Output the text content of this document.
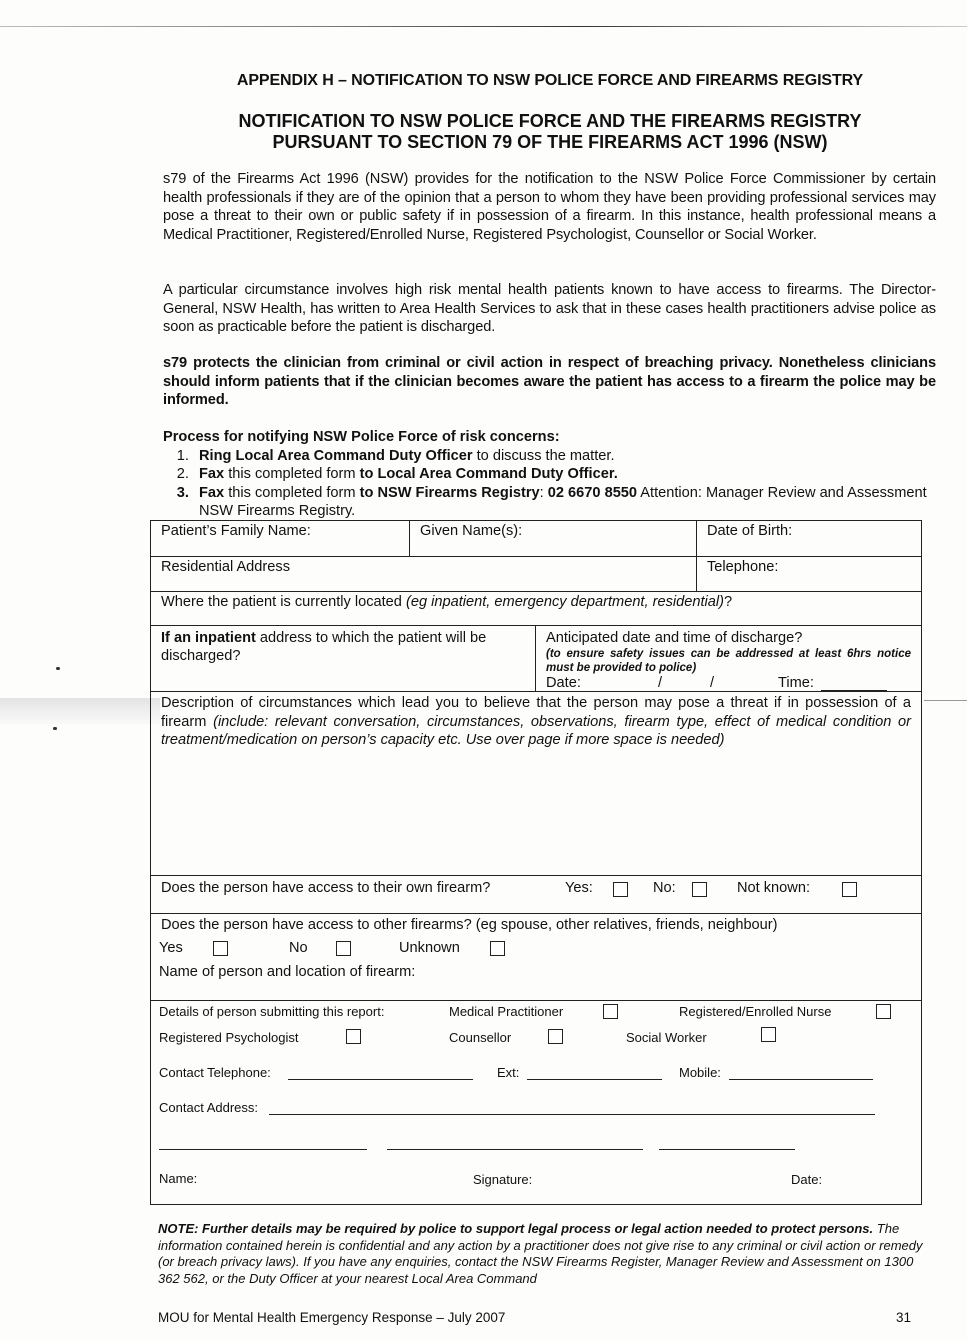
APPENDIX H – NOTIFICATION TO NSW POLICE FORCE AND FIREARMS REGISTRY
NOTIFICATION TO NSW POLICE FORCE AND THE FIREARMS REGISTRY
PURSUANT TO SECTION 79 OF THE FIREARMS ACT 1996 (NSW)
s79 of the Firearms Act 1996 (NSW) provides for the notification to the NSW Police Force Commissioner by certain health professionals if they are of the opinion that a person to whom they have been providing professional services may pose a threat to their own or public safety if in possession of a firearm. In this instance, health professional means a Medical Practitioner, Registered/Enrolled Nurse, Registered Psychologist, Counsellor or Social Worker.
A particular circumstance involves high risk mental health patients known to have access to firearms. The Director-General, NSW Health, has written to Area Health Services to ask that in these cases health practitioners advise police as soon as practicable before the patient is discharged.
s79 protects the clinician from criminal or civil action in respect of breaching privacy. Nonetheless clinicians should inform patients that if the clinician becomes aware the patient has access to a firearm the police may be informed.
Process for notifying NSW Police Force of risk concerns:
1. Ring Local Area Command Duty Officer to discuss the matter.
2. Fax this completed form to Local Area Command Duty Officer.
3. Fax this completed form to NSW Firearms Registry: 02 6670 8550 Attention: Manager Review and Assessment NSW Firearms Registry.
Patient’s Family Name:	Given Name(s):	Date of Birth:
Residential Address	Telephone:
Where the patient is currently located (eg inpatient, emergency department, residential)?
If an inpatient address to which the patient will be discharged?
Anticipated date and time of discharge?
(to ensure safety issues can be addressed at least 6hrs notice must be provided to police)
Date:	/	/	Time:
Description of circumstances which lead you to believe that the person may pose a threat if in possession of a firearm (include: relevant conversation, circumstances, observations, firearm type, effect of medical condition or treatment/medication on person’s capacity etc. Use over page if more space is needed)
Does the person have access to their own firearm?	Yes:	No:	Not known:
Does the person have access to other firearms? (eg spouse, other relatives, friends, neighbour)
Yes	No	Unknown
Name of person and location of firearm:
Details of person submitting this report:	Medical Practitioner	Registered/Enrolled Nurse
Registered Psychologist	Counsellor	Social Worker
Contact Telephone:	Ext:	Mobile:
Contact Address:
Name:	Signature:	Date:
NOTE: Further details may be required by police to support legal process or legal action needed to protect persons. The information contained herein is confidential and any action by a practitioner does not give rise to any criminal or civil action or remedy (or breach privacy laws). If you have any enquiries, contact the NSW Firearms Register, Manager Review and Assessment on 1300 362 562, or the Duty Officer at your nearest Local Area Command
MOU for Mental Health Emergency Response – July 2007	31
